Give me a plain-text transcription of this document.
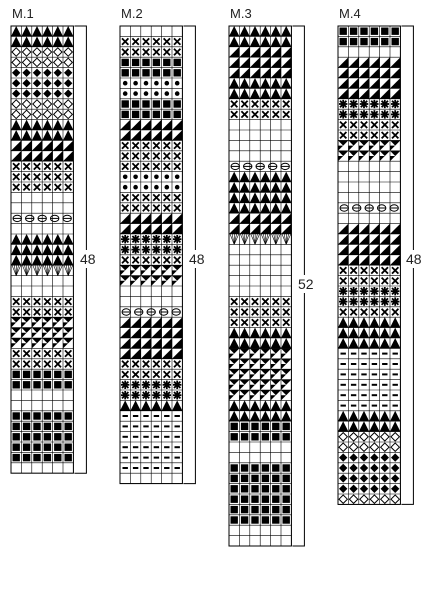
M.1	M.2	M.3	M.4
48	48
52
48
